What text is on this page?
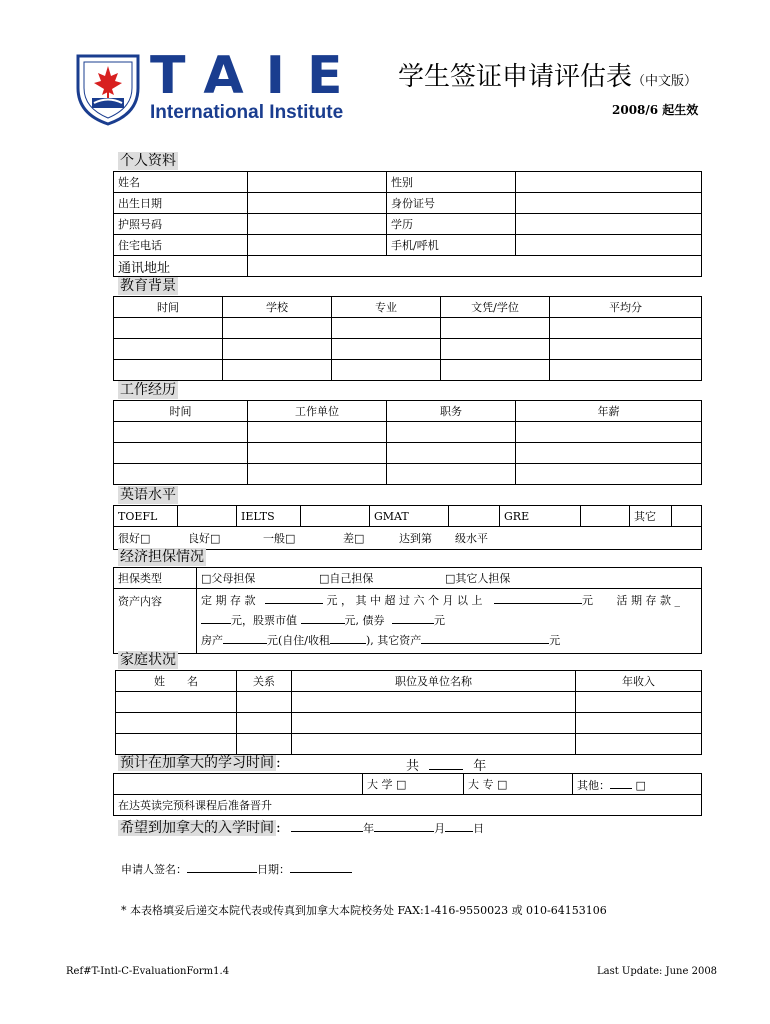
TAIE
International Institute
学生签证申请评估表（中文版）
2008/6 起生效
个人资料
姓名		性别	
出生日期		身份证号	
护照号码		学历	
住宅电话		手机/呼机	
通讯地址			
教育背景
时间	学校	专业	文凭/学位	平均分

工作经历
时间	工作单位	职务	年薪

英语水平
TOEFL		IELTS		GMAT		GRE		其它	
很好□	良好□	一般□	差□	达到第 级水平
经济担保情况
担保类型	□父母担保 □自己担保 □其它人担保
资产内容	定 期 存 款 元 ， 其 中 超 过 六 个 月 以 上 元 活 期 存 款 _
元，股票市值 元, 债券 元
房产 元(自住/收租 ), 其它资产 元
家庭状况
姓　　名	关系	职位及单位名称	年收入

预计在加拿大的学习时间 :	共	年
	大 学 □	大 专 □	其他： □
在达英读完预科课程后准备晋升
希望到加拿大的入学时间 :	年	月	日
申请人签名：	日期：
* 本表格填妥后递交本院代表或传真到加拿大本院校务处 FAX:1-416-9550023 或 010-64153106
Ref#T-Intl-C-EvaluationForm1.4	Last Update: June 2008
